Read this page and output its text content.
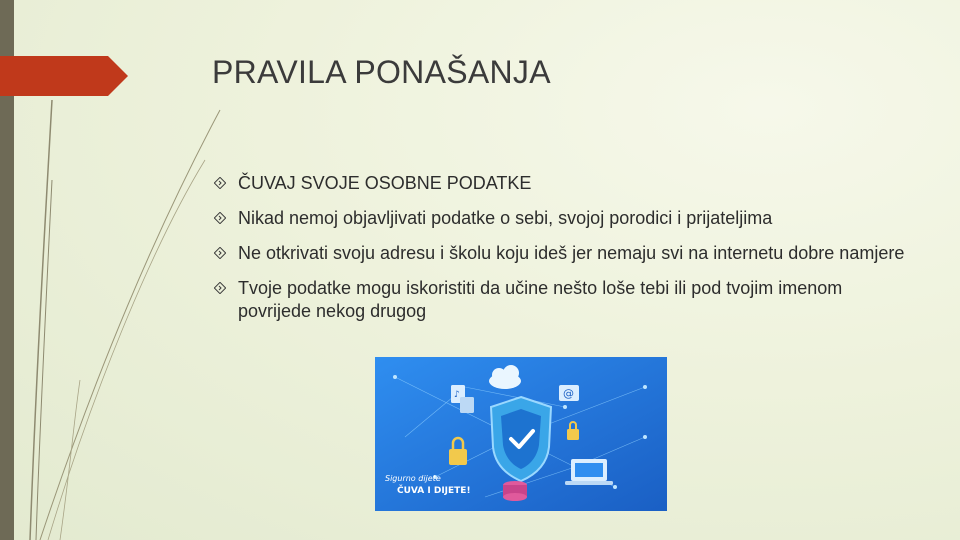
PRAVILA PONAŠANJA
ČUVAJ SVOJE OSOBNE PODATKE
Nikad nemoj objavljivati podatke o sebi, svojoj porodici i prijateljima
Ne otkrivati svoju adresu i školu koju ideš jer nemaju svi na internetu dobre namjere
Tvoje podatke mogu iskoristiti da učine nešto loše tebi ili pod tvojim imenom povrijede nekog drugog
♪	@
Sigurno dijete
ČUVA I DIJETE!
